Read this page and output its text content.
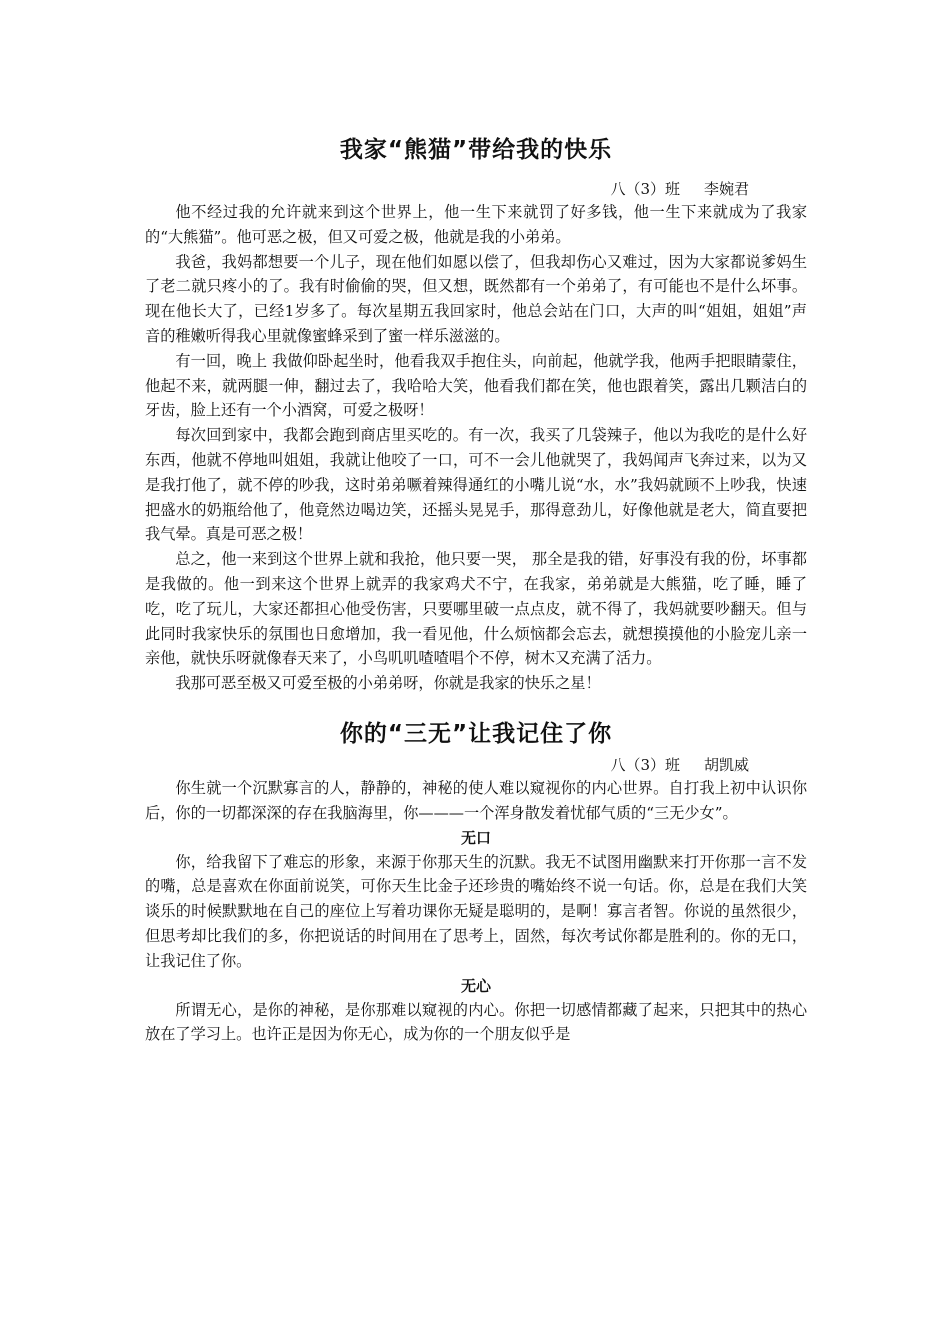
我家“熊猫”带给我的快乐
八（3）班 李婉君

他不经过我的允许就来到这个世界上，他一生下来就罚了好多钱，他一生下来就成为了我家的“大熊猫”。他可恶之极，但又可爱之极，他就是我的小弟弟。

我爸，我妈都想要一个儿子，现在他们如愿以偿了，但我却伤心又难过，因为大家都说爹妈生了老二就只疼小的了。我有时偷偷的哭，但又想，既然都有一个弟弟了，有可能也不是什么坏事。现在他长大了，已经1岁多了。每次星期五我回家时，他总会站在门口，大声的叫“姐姐，姐姐”声音的稚嫩听得我心里就像蜜蜂采到了蜜一样乐滋滋的。

有一回，晚上 我做仰卧起坐时，他看我双手抱住头，向前起，他就学我，他两手把眼睛蒙住，他起不来，就两腿一伸，翻过去了，我哈哈大笑，他看我们都在笑，他也跟着笑，露出几颗洁白的牙齿，脸上还有一个小酒窝，可爱之极呀！

每次回到家中，我都会跑到商店里买吃的。有一次，我买了几袋辣子，他以为我吃的是什么好东西，他就不停地叫姐姐，我就让他咬了一口，可不一会儿他就哭了，我妈闻声飞奔过来，以为又是我打他了，就不停的吵我，这时弟弟噘着辣得通红的小嘴儿说“水，水”我妈就顾不上吵我，快速把盛水的奶瓶给他了，他竟然边喝边笑，还摇头晃晃手，那得意劲儿，好像他就是老大，简直要把我气晕。真是可恶之极！

总之，他一来到这个世界上就和我抢，他只要一哭， 那全是我的错，好事没有我的份，坏事都是我做的。他一到来这个世界上就弄的我家鸡犬不宁，在我家，弟弟就是大熊猫，吃了睡，睡了吃，吃了玩儿，大家还都担心他受伤害，只要哪里破一点点皮，就不得了，我妈就要吵翻天。但与此同时我家快乐的氛围也日愈增加，我一看见他，什么烦恼都会忘去，就想摸摸他的小脸宠儿亲一亲他，就快乐呀就像春天来了，小鸟叽叽喳喳唱个不停，树木又充满了活力。

我那可恶至极又可爱至极的小弟弟呀，你就是我家的快乐之星！

你的“三无”让我记住了你
八（3）班 胡凯威

你生就一个沉默寡言的人，静静的，神秘的使人难以窥视你的内心世界。自打我上初中认识你后，你的一切都深深的存在我脑海里，你———一个浑身散发着忧郁气质的“三无少女”。

无口

你，给我留下了难忘的形象，来源于你那天生的沉默。我无不试图用幽默来打开你那一言不发的嘴，总是喜欢在你面前说笑，可你天生比金子还珍贵的嘴始终不说一句话。你，总是在我们大笑谈乐的时候默默地在自己的座位上写着功课你无疑是聪明的，是啊！寡言者智。你说的虽然很少，但思考却比我们的多，你把说话的时间用在了思考上，固然，每次考试你都是胜利的。你的无口，让我记住了你。

无心

所谓无心，是你的神秘，是你那难以窥视的内心。你把一切感情都藏了起来，只把其中的热心放在了学习上。也许正是因为你无心，成为你的一个朋友似乎是
